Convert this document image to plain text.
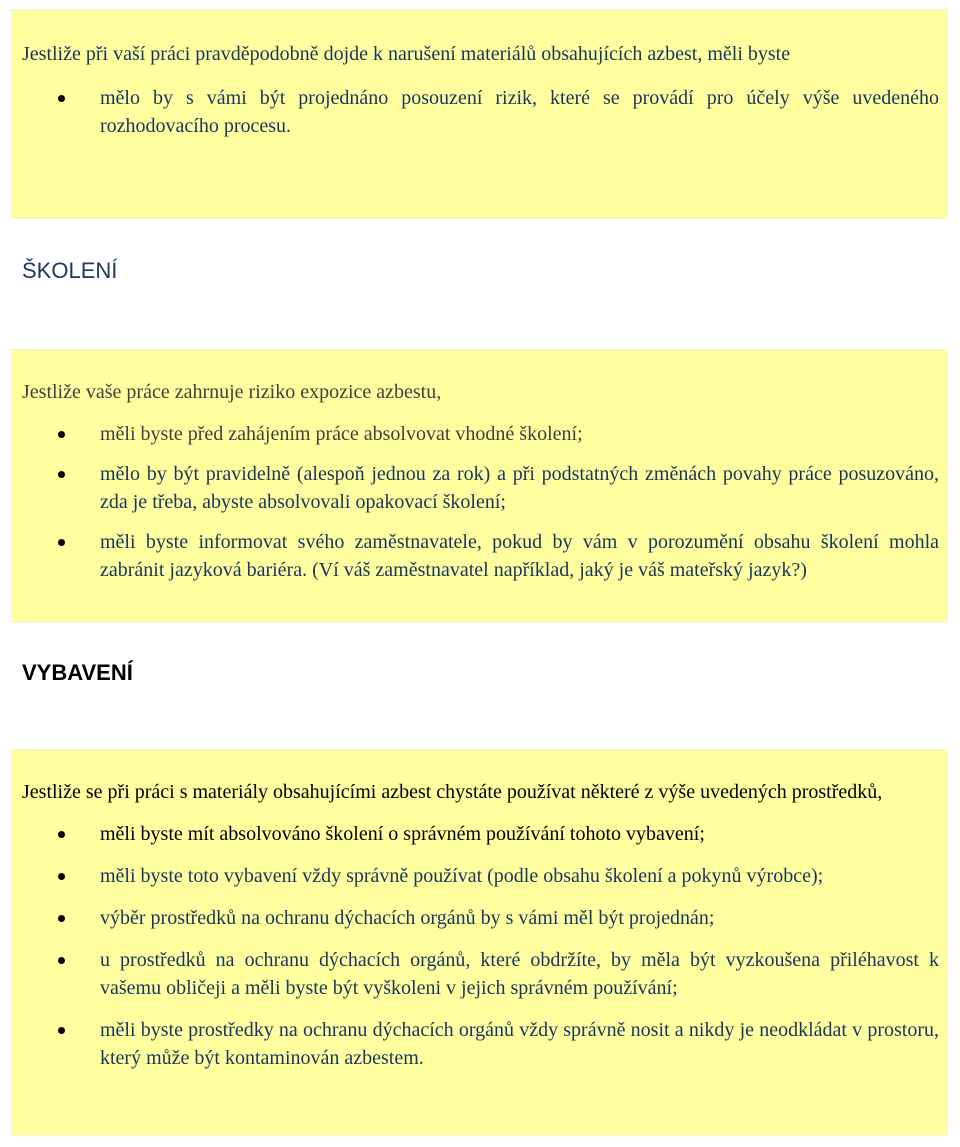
Jestliže při vaší práci pravděpodobně dojde k narušení materiálů obsahujících azbest, měli byste

mělo by s vámi být projednáno posouzení rizik, které se provádí pro účely výše uvedeného rozhodovacího procesu.
ŠKOLENÍ

Jestliže vaše práce zahrnuje riziko expozice azbestu,

měli byste před zahájením práce absolvovat vhodné školení;
mělo by být pravidelně (alespoň jednou za rok) a při podstatných změnách povahy práce posuzováno, zda je třeba, abyste absolvovali opakovací školení;
měli byste informovat svého zaměstnavatele, pokud by vám v porozumění obsahu školení mohla zabránit jazyková bariéra. (Ví váš zaměstnavatel například, jaký je váš mateřský jazyk?)
VYBAVENÍ

Jestliže se při práci s materiály obsahujícími azbest chystáte používat některé z výše uvedených prostředků,

měli byste mít absolvováno školení o správném používání tohoto vybavení;
měli byste toto vybavení vždy správně používat (podle obsahu školení a pokynů výrobce);
výběr prostředků na ochranu dýchacích orgánů by s vámi měl být projednán;
u prostředků na ochranu dýchacích orgánů, které obdržíte, by měla být vyzkoušena přiléhavost k vašemu obličeji a měli byste být vyškoleni v jejich správném používání;
měli byste prostředky na ochranu dýchacích orgánů vždy správně nosit a nikdy je neodkládat v prostoru, který může být kontaminován azbestem.
